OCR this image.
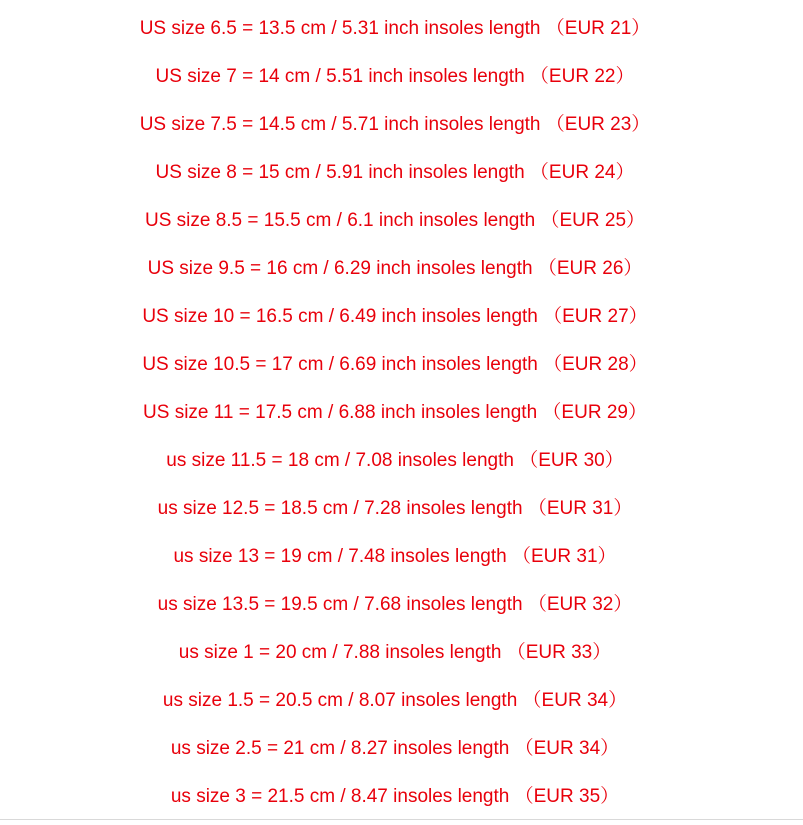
US size 6.5 = 13.5 cm / 5.31 inch insoles length （EUR 21）
US size 7 = 14 cm / 5.51 inch insoles length （EUR 22）
US size 7.5 = 14.5 cm / 5.71 inch insoles length （EUR 23）
US size 8 = 15 cm / 5.91 inch insoles length （EUR 24）
US size 8.5 = 15.5 cm / 6.1 inch insoles length （EUR 25）
US size 9.5 = 16 cm / 6.29 inch insoles length （EUR 26）
US size 10 = 16.5 cm / 6.49 inch insoles length （EUR 27）
US size 10.5 = 17 cm / 6.69 inch insoles length （EUR 28）
US size 11 = 17.5 cm / 6.88 inch insoles length （EUR 29）
us size 11.5 = 18 cm / 7.08 insoles length （EUR 30）
us size 12.5 = 18.5 cm / 7.28 insoles length （EUR 31）
us size 13 = 19 cm / 7.48 insoles length （EUR 31）
us size 13.5 = 19.5 cm / 7.68 insoles length （EUR 32）
us size 1 = 20 cm / 7.88 insoles length （EUR 33）
us size 1.5 = 20.5 cm / 8.07 insoles length （EUR 34）
us size 2.5 = 21 cm / 8.27 insoles length （EUR 34）
us size 3 = 21.5 cm / 8.47 insoles length （EUR 35）
